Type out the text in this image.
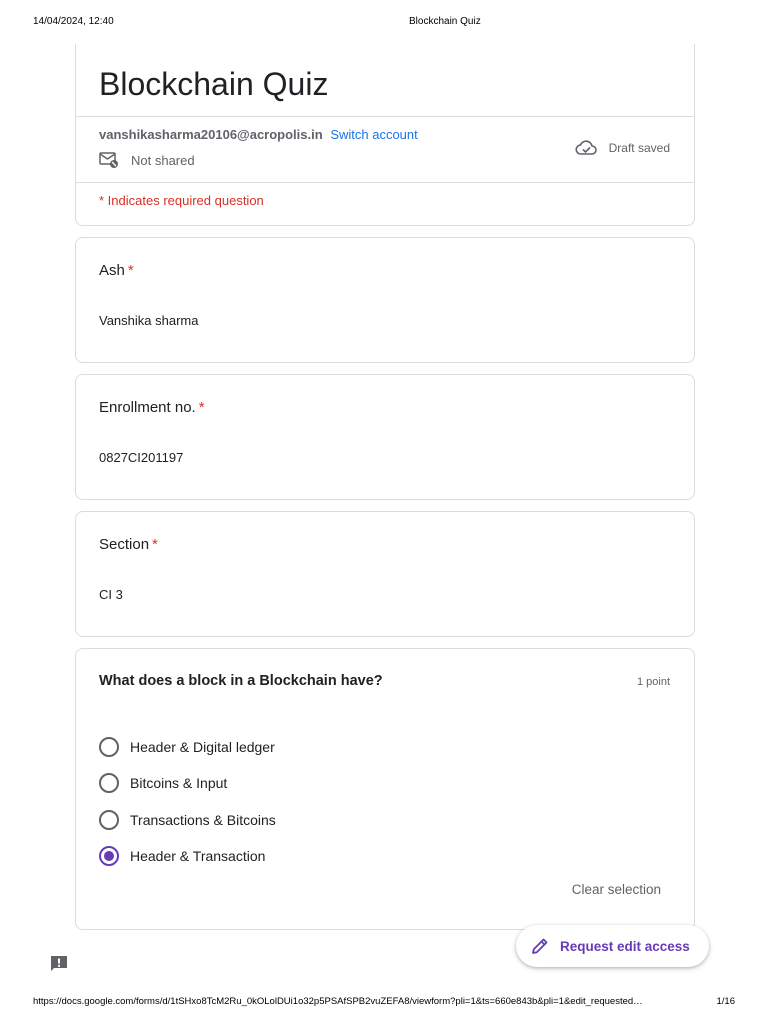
14/04/2024, 12:40	Blockchain Quiz
Blockchain Quiz
vanshikasharma20106@acropolis.in Switch account
Not shared
Draft saved
* Indicates required question
Ash *
Vanshika sharma
Enrollment no. *
0827CI201197
Section *
CI 3
What does a block in a Blockchain have?	1 point
Header & Digital ledger
Bitcoins & Input
Transactions & Bitcoins
Header & Transaction
Clear selection
Request edit access
https://docs.google.com/forms/d/1tSHxo8TcM2Ru_0kOLolDUi1o32p5PSAfSPB2vuZEFA8/viewform?pli=1&ts=660e843b&pli=1&edit_requested…	1/16
